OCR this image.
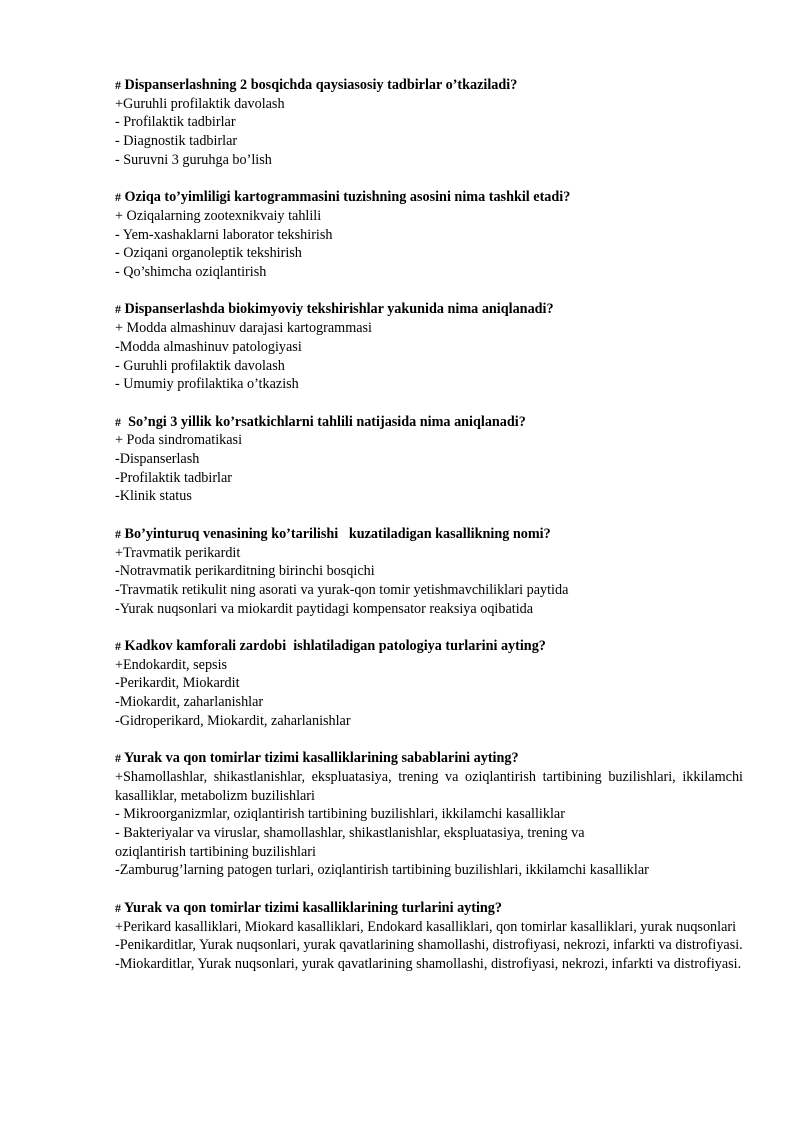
# Dispanserlashning 2 bosqichda qaysiasosiy tadbirlar o’tkaziladi?
+Guruhli profilaktik davolash
- Profilaktik tadbirlar
- Diagnostik tadbirlar
- Suruvni 3 guruhga bo’lish
# Oziqa to’yimliligi kartogrammasini tuzishning asosini nima tashkil etadi?
+ Oziqalarning zootexnikvaiy tahlili
- Yem-xashaklarni laborator tekshirish
- Oziqani organoleptik tekshirish
- Qo’shimcha oziqlantirish
# Dispanserlashda biokimyoviy tekshirishlar yakunida nima aniqlanadi?
+ Modda almashinuv darajasi kartogrammasi
-Modda almashinuv patologiyasi
- Guruhli profilaktik davolash
- Umumiy profilaktika o’tkazish
#  So’ngi 3 yillik ko’rsatkichlarni tahlili natijasida nima aniqlanadi?
+ Poda sindromatikasi
-Dispanserlash
-Profilaktik tadbirlar
-Klinik status
# Bo’yinturuq venasining ko’tarilishi   kuzatiladigan kasallikning nomi?
+Travmatik perikardit
-Notravmatik perikarditning birinchi bosqichi
-Travmatik retikulit ning asorati va yurak-qon tomir yetishmavchiliklari paytida
-Yurak nuqsonlari va miokardit paytidagi kompensator reaksiya oqibatida
# Kadkov kamforali zardobi  ishlatiladigan patologiya turlarini ayting?
+Endokardit, sepsis
-Perikardit, Miokardit
-Miokardit, zaharlanishlar
-Gidroperikard, Miokardit, zaharlanishlar
# Yurak va qon tomirlar tizimi kasalliklarining sabablarini ayting?
+Shamollashlar, shikastlanishlar, ekspluatasiya, trening va oziqlantirish tartibining buzilishlari, ikkilamchi kasalliklar, metabolizm buzilishlari
- Mikroorganizmlar, oziqlantirish tartibining buzilishlari, ikkilamchi kasalliklar
- Bakteriyalar va viruslar, shamollashlar, shikastlanishlar, ekspluatasiya, trening va
oziqlantirish tartibining buzilishlari
-Zamburug’larning patogen turlari, oziqlantirish tartibining buzilishlari, ikkilamchi kasalliklar
# Yurak va qon tomirlar tizimi kasalliklarining turlarini ayting?
+Perikard kasalliklari, Miokard kasalliklari, Endokard kasalliklari, qon tomirlar kasalliklari, yurak nuqsonlari
-Penikarditlar, Yurak nuqsonlari, yurak qavatlarining shamollashi, distrofiyasi, nekrozi, infarkti va distrofiyasi.
-Miokarditlar, Yurak nuqsonlari, yurak qavatlarining shamollashi, distrofiyasi, nekrozi, infarkti va distrofiyasi.
